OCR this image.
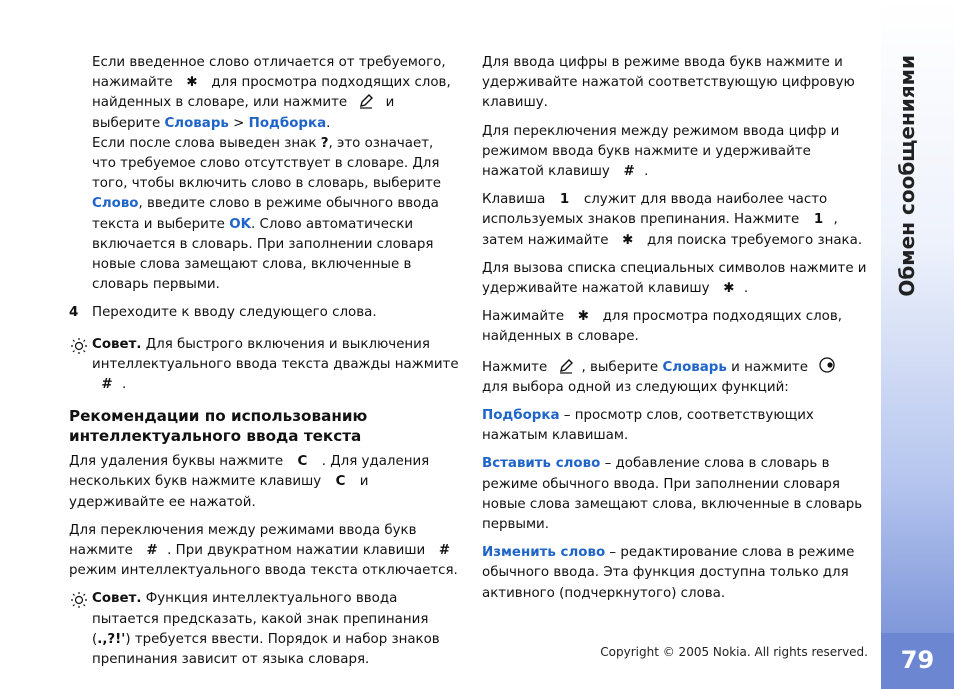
Если введенное слово отличается от требуемого, нажимайте ✱ для просмотра подходящих слов, найденных в словаре, или нажмите	и выберите Словарь > Подборка.

Если после слова выведен знак ?, это означает, что требуемое слово отсутствует в словаре. Для того, чтобы включить слово в словарь, выберите Слово, введите слово в режиме обычного ввода текста и выберите OK. Слово автоматически включается в словарь. При заполнении словаря новые слова замещают слова, включенные в словарь первыми.

4 Переходите к вводу следующего слова.

Совет. Для быстрого включения и выключения интеллектуального ввода текста дважды нажмите # .

Рекомендации по использованию интеллектуального ввода текста

Для удаления буквы нажмите C . Для удаления нескольких букв нажмите клавишу C и удерживайте ее нажатой.

Для переключения между режимами ввода букв нажмите # . При двукратном нажатии клавиши # режим интеллектуального ввода текста отключается.

Совет. Функция интеллектуального ввода пытается предсказать, какой знак препинания (.,?!') требуется ввести. Порядок и набор знаков препинания зависит от языка словаря.

Для ввода цифры в режиме ввода букв нажмите и удерживайте нажатой соответствующую цифровую клавишу.

Для переключения между режимом ввода цифр и режимом ввода букв нажмите и удерживайте нажатой клавишу # .

Клавиша 1 служит для ввода наиболее часто используемых знаков препинания. Нажмите 1 , затем нажимайте ✱ для поиска требуемого знака.

Для вызова списка специальных символов нажмите и удерживайте нажатой клавишу ✱ .

Нажимайте ✱ для просмотра подходящих слов, найденных в словаре.

Нажмите	, выберите Словарь и нажмите  для выбора одной из следующих функций:

Подборка – просмотр слов, соответствующих нажатым клавишам.

Вставить слово – добавление слова в словарь в режиме обычного ввода. При заполнении словаря новые слова замещают слова, включенные в словарь первыми.

Изменить слово – редактирование слова в режиме обычного ввода. Эта функция доступна только для активного (подчеркнутого) слова.

Copyright © 2005 Nokia. All rights reserved.
Обмен сообщениями
79
